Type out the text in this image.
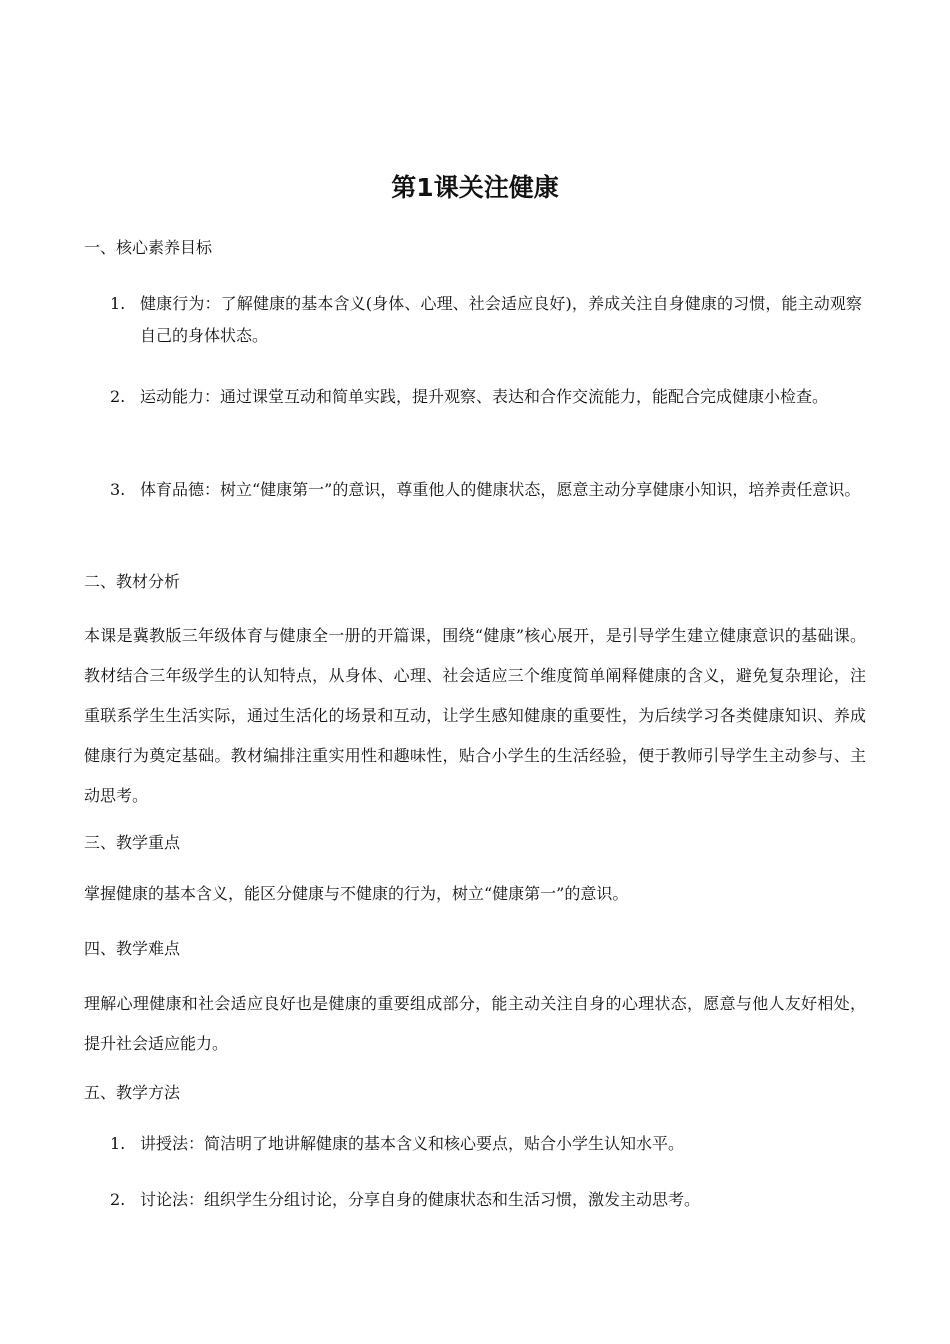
第1课关注健康
一、核心素养目标
1. 健康行为：了解健康的基本含义(身体、心理、社会适应良好)，养成关注自身健康的习惯，能主动观察自己的身体状态。
2. 运动能力：通过课堂互动和简单实践，提升观察、表达和合作交流能力，能配合完成健康小检查。
3. 体育品德：树立“健康第一”的意识，尊重他人的健康状态，愿意主动分享健康小知识，培养责任意识。
二、教材分析
本课是冀教版三年级体育与健康全一册的开篇课，围绕“健康”核心展开，是引导学生建立健康意识的基础课。教材结合三年级学生的认知特点，从身体、心理、社会适应三个维度简单阐释健康的含义，避免复杂理论，注重联系学生生活实际，通过生活化的场景和互动，让学生感知健康的重要性，为后续学习各类健康知识、养成健康行为奠定基础。教材编排注重实用性和趣味性，贴合小学生的生活经验，便于教师引导学生主动参与、主动思考。
三、教学重点
掌握健康的基本含义，能区分健康与不健康的行为，树立“健康第一”的意识。
四、教学难点
理解心理健康和社会适应良好也是健康的重要组成部分，能主动关注自身的心理状态，愿意与他人友好相处，提升社会适应能力。
五、教学方法
1. 讲授法：简洁明了地讲解健康的基本含义和核心要点，贴合小学生认知水平。
2. 讨论法：组织学生分组讨论，分享自身的健康状态和生活习惯，激发主动思考。
